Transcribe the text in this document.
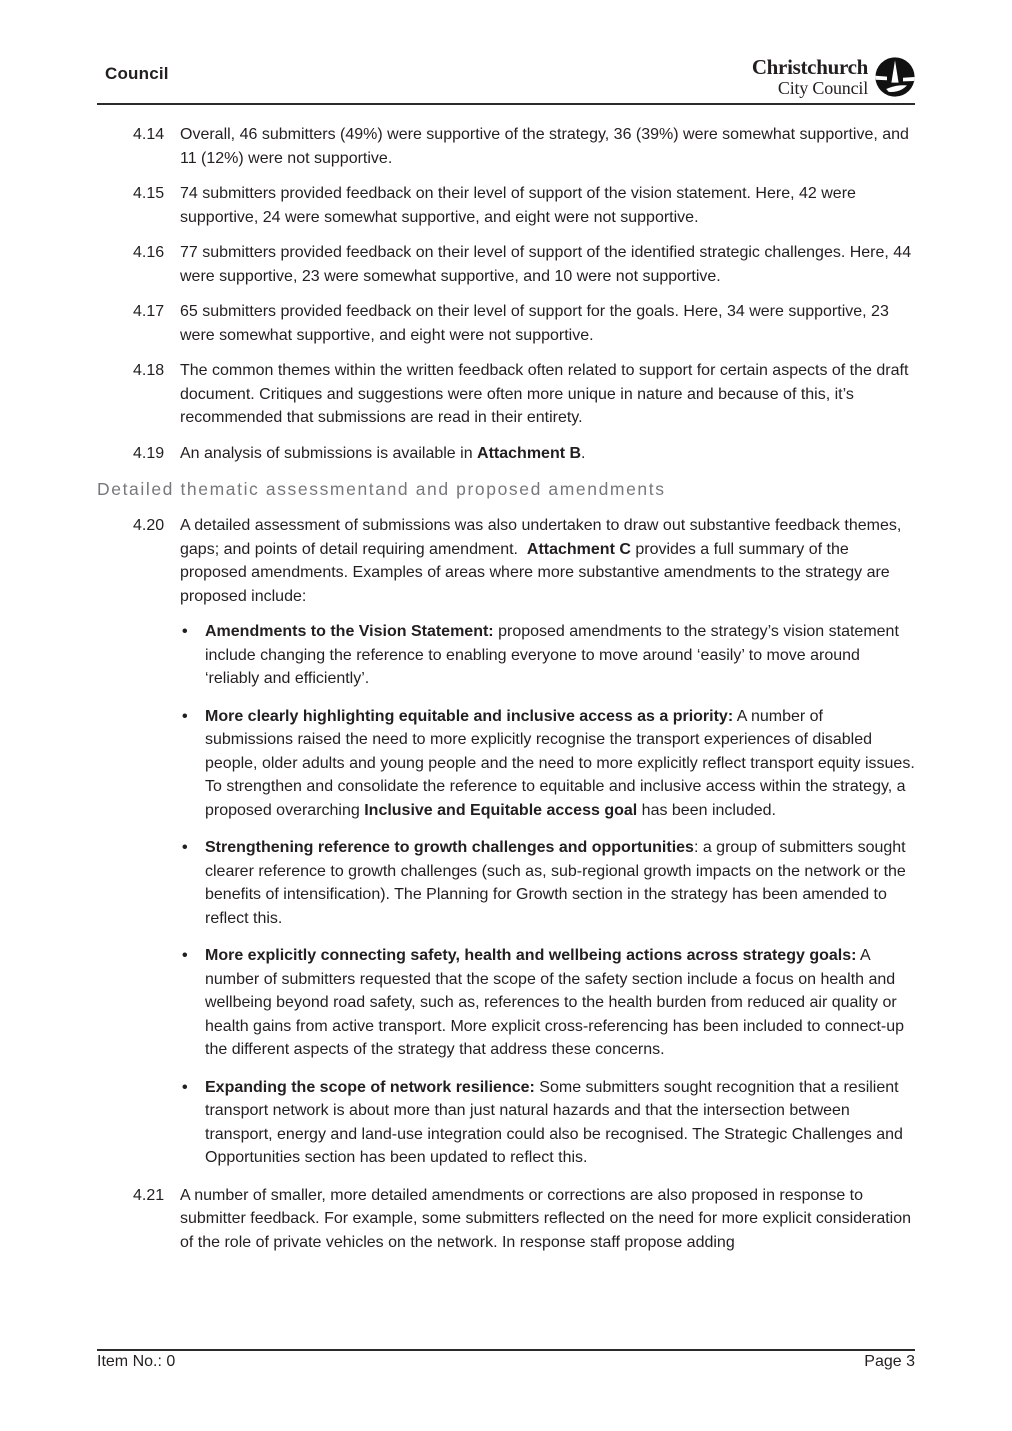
Council	Christchurch
City Council
4.14 Overall, 46 submitters (49%) were supportive of the strategy, 36 (39%) were somewhat supportive, and 11 (12%) were not supportive.
4.15 74 submitters provided feedback on their level of support of the vision statement. Here, 42 were supportive, 24 were somewhat supportive, and eight were not supportive.
4.16 77 submitters provided feedback on their level of support of the identified strategic challenges. Here, 44 were supportive, 23 were somewhat supportive, and 10 were not supportive.
4.17 65 submitters provided feedback on their level of support for the goals. Here, 34 were supportive, 23 were somewhat supportive, and eight were not supportive.
4.18 The common themes within the written feedback often related to support for certain aspects of the draft document. Critiques and suggestions were often more unique in nature and because of this, it’s recommended that submissions are read in their entirety.
4.19 An analysis of submissions is available in Attachment B.
Detailed thematic assessmentand and proposed amendments
4.20 A detailed assessment of submissions was also undertaken to draw out substantive feedback themes, gaps; and points of detail requiring amendment.  Attachment C provides a full summary of the proposed amendments. Examples of areas where more substantive amendments to the strategy are proposed include:
•	Amendments to the Vision Statement: proposed amendments to the strategy’s vision statement include changing the reference to enabling everyone to move around ‘easily’ to move around ‘reliably and efficiently’.
•	More clearly highlighting equitable and inclusive access as a priority: A number of submissions raised the need to more explicitly recognise the transport experiences of disabled people, older adults and young people and the need to more explicitly reflect transport equity issues. To strengthen and consolidate the reference to equitable and inclusive access within the strategy, a proposed overarching Inclusive and Equitable access goal has been included.
•	Strengthening reference to growth challenges and opportunities: a group of submitters sought clearer reference to growth challenges (such as, sub-regional growth impacts on the network or the benefits of intensification). The Planning for Growth section in the strategy has been amended to reflect this.
•	More explicitly connecting safety, health and wellbeing actions across strategy goals: A number of submitters requested that the scope of the safety section include a focus on health and wellbeing beyond road safety, such as, references to the health burden from reduced air quality or health gains from active transport. More explicit cross-referencing has been included to connect-up the different aspects of the strategy that address these concerns.
•	Expanding the scope of network resilience: Some submitters sought recognition that a resilient transport network is about more than just natural hazards and that the intersection between transport, energy and land-use integration could also be recognised. The Strategic Challenges and Opportunities section has been updated to reflect this.
4.21 A number of smaller, more detailed amendments or corrections are also proposed in response to submitter feedback. For example, some submitters reflected on the need for more explicit consideration of the role of private vehicles on the network. In response staff propose adding
Item No.: 0	Page 3
